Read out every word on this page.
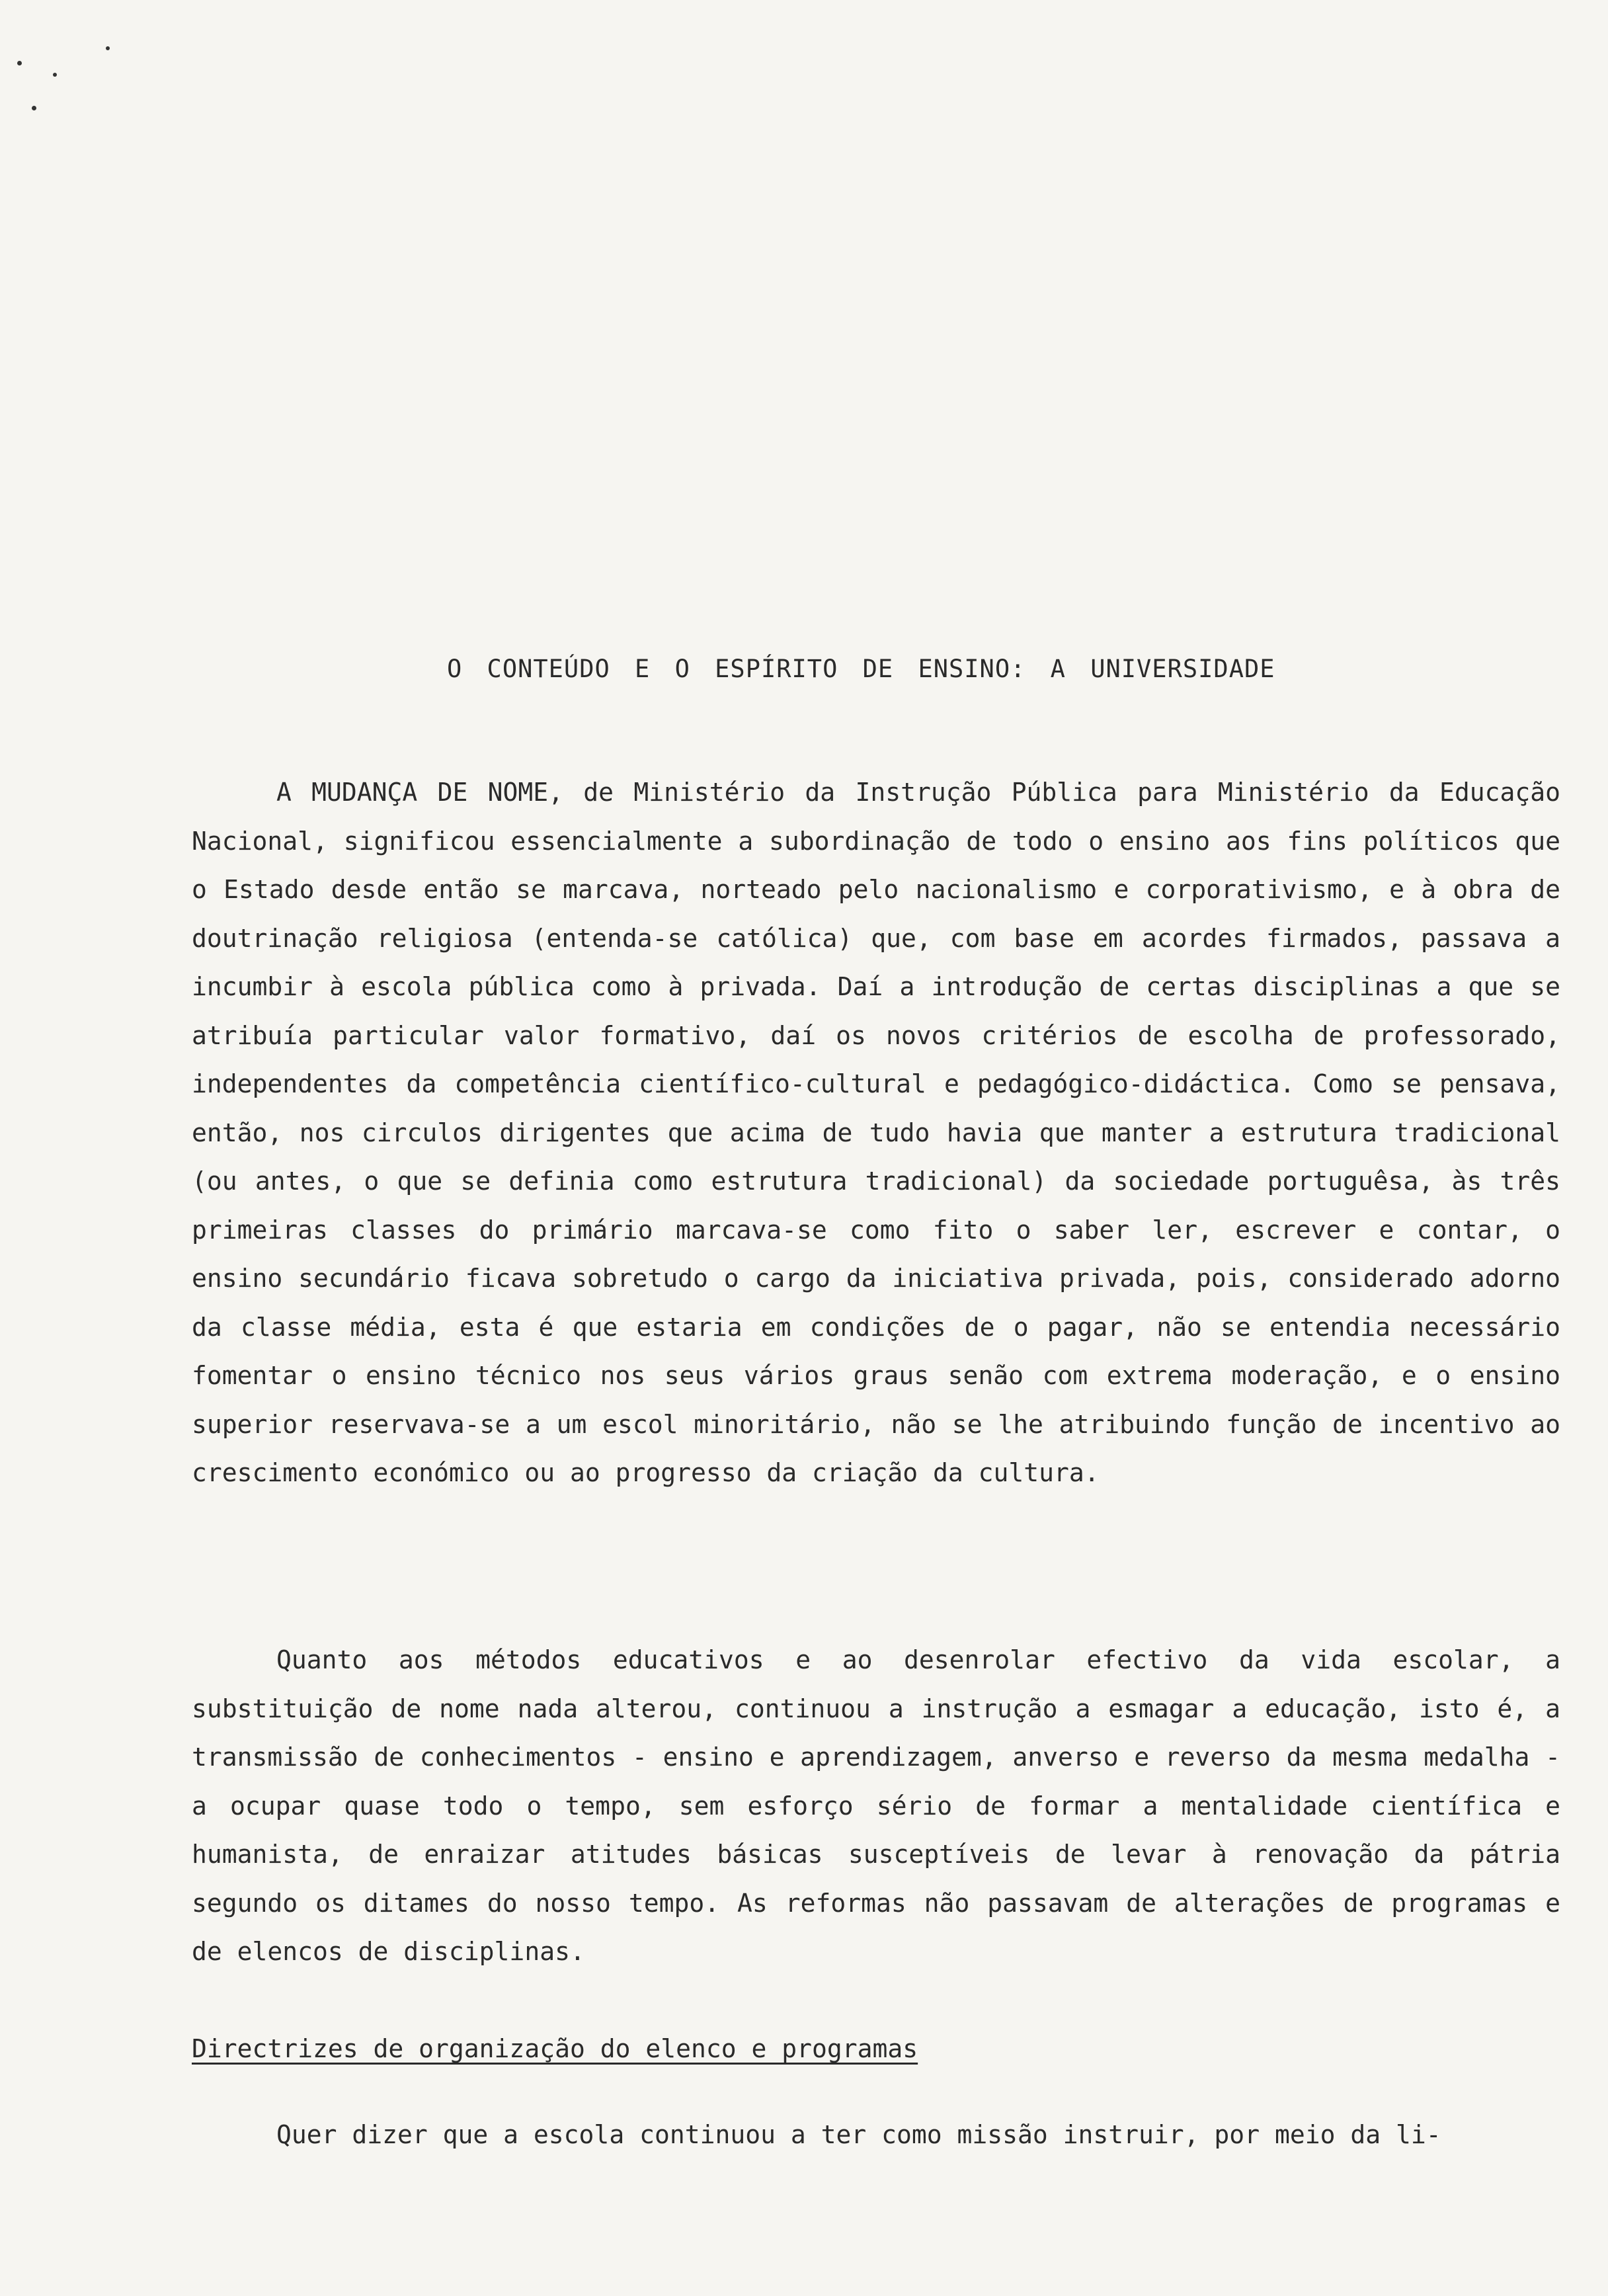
O CONTEÚDO E O ESPÍRITO DE ENSINO: A UNIVERSIDADE

A MUDANÇA DE NOME, de Ministério da Instrução Pública para Ministério da Educação Nacional, significou essencialmente a subordinação de todo o ensino aos fins políticos que o Estado desde então se marcava, norteado pelo nacionalismo e corporativismo, e à obra de doutrinação religiosa (entenda-se católica) que, com base em acordes firmados, passava a incumbir à escola pública como à privada. Daí a introdução de certas disciplinas a que se atribuía particular valor formativo, daí os novos critérios de escolha de professorado, independentes da competência científico-cultural e pedagógico-didáctica. Como se pensava, então, nos circulos dirigentes que acima de tudo havia que manter a estrutura tradicional (ou antes, o que se definia como estrutura tradicional) da sociedade portuguêsa, às três primeiras classes do primário marcava-se como fito o saber ler, escrever e contar, o ensino secundário ficava sobretudo o cargo da iniciativa privada, pois, considerado adorno da classe média, esta é que estaria em condições de o pagar, não se entendia necessário fomentar o ensino técnico nos seus vários graus senão com extrema moderação, e o ensino superior reservava-se a um escol minoritário, não se lhe atribuindo função de incentivo ao crescimento económico ou ao progresso da criação da cultura.

Quanto aos métodos educativos e ao desenrolar efectivo da vida escolar, a substituição de nome nada alterou, continuou a instrução a esmagar a educação, isto é, a transmissão de conhecimentos - ensino e aprendizagem, anverso e reverso da mesma medalha - a ocupar quase todo o tempo, sem esforço sério de formar a mentalidade científica e humanista, de enraizar atitudes básicas susceptíveis de levar à renovação da pátria segundo os ditames do nosso tempo. As reformas não passavam de alterações de programas e de elencos de disciplinas.

Directrizes de organização do elenco e programas

Quer dizer que a escola continuou a ter como missão instruir, por meio da li-
